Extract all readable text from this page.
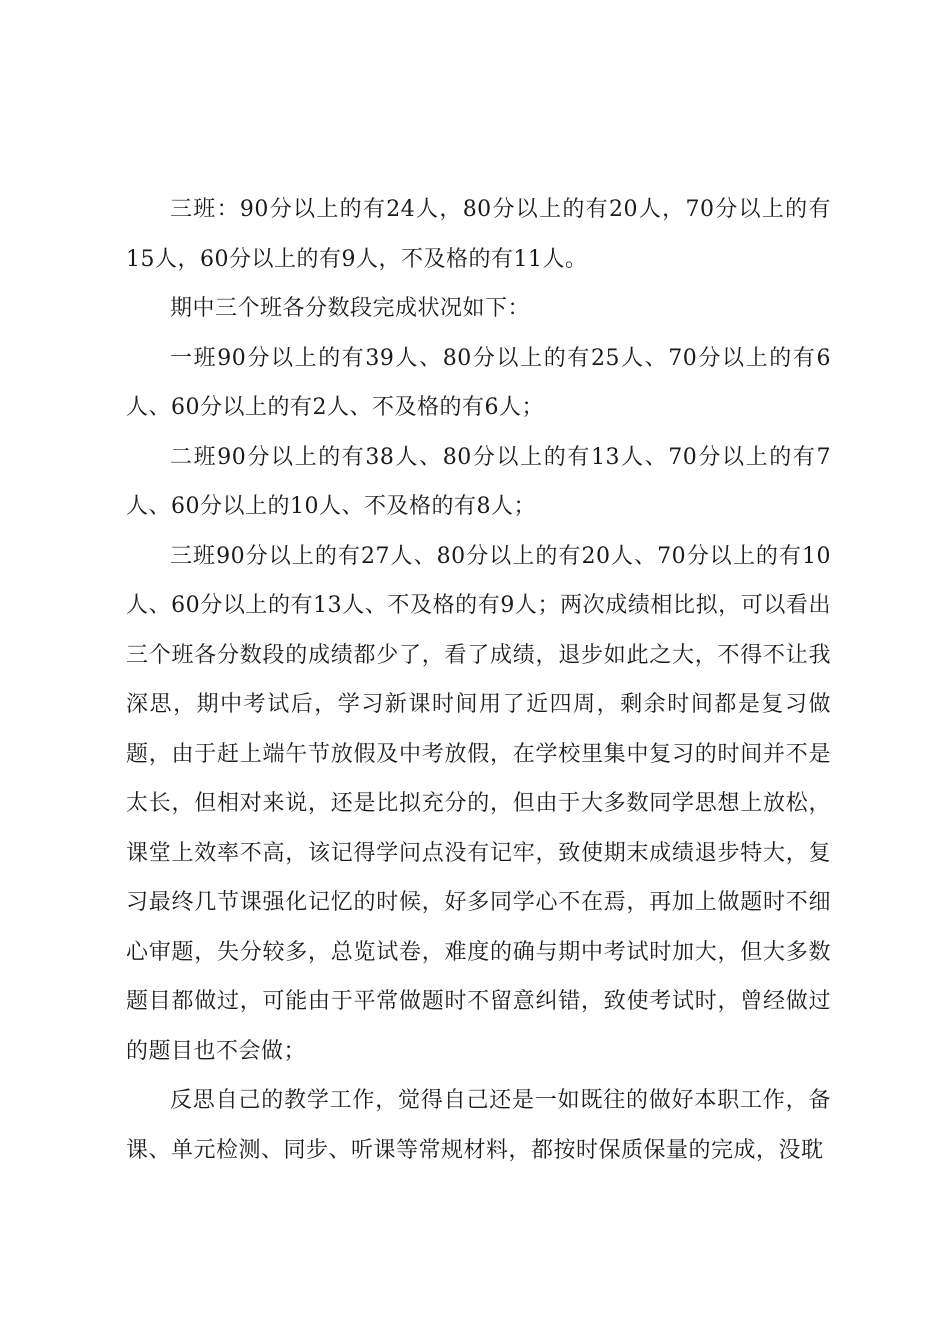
三班：90分以上的有24人，80分以上的有20人，70分以上的有15人，60分以上的有9人，不及格的有11人。

期中三个班各分数段完成状况如下：

一班90分以上的有39人、80分以上的有25人、70分以上的有6人、60分以上的有2人、不及格的有6人；

二班90分以上的有38人、80分以上的有13人、70分以上的有7人、60分以上的10人、不及格的有8人；

三班90分以上的有27人、80分以上的有20人、70分以上的有10人、60分以上的有13人、不及格的有9人；两次成绩相比拟，可以看出三个班各分数段的成绩都少了，看了成绩，退步如此之大，不得不让我深思，期中考试后，学习新课时间用了近四周，剩余时间都是复习做题，由于赶上端午节放假及中考放假，在学校里集中复习的时间并不是太长，但相对来说，还是比拟充分的，但由于大多数同学思想上放松，课堂上效率不高，该记得学问点没有记牢，致使期末成绩退步特大，复习最终几节课强化记忆的时候，好多同学心不在焉，再加上做题时不细心审题，失分较多，总览试卷，难度的确与期中考试时加大，但大多数题目都做过，可能由于平常做题时不留意纠错，致使考试时，曾经做过的题目也不会做；

反思自己的教学工作，觉得自己还是一如既往的做好本职工作，备课、单元检测、同步、听课等常规材料，都按时保质保量的完成，没耽
